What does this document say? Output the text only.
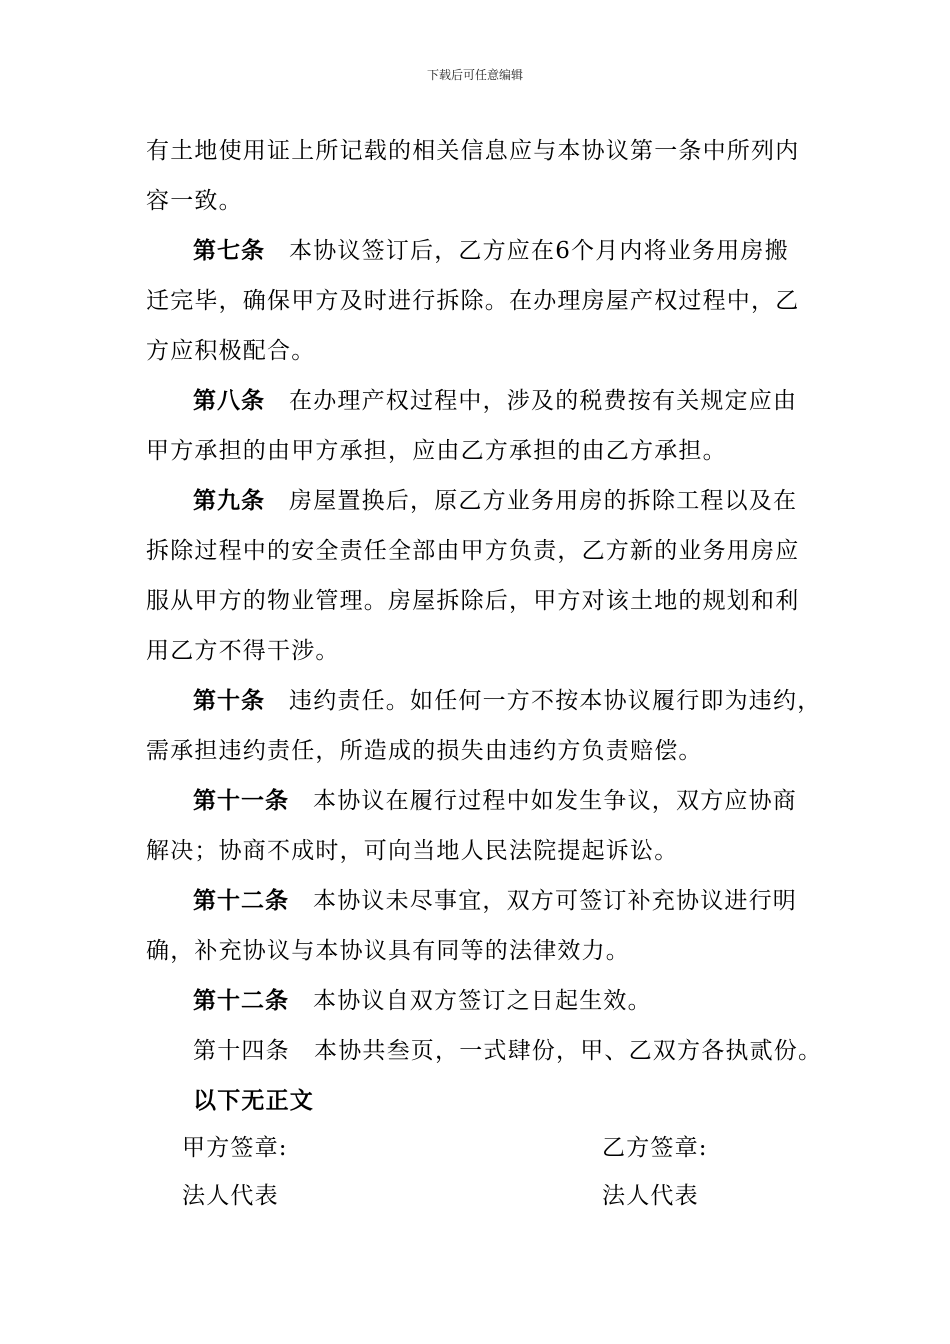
下载后可任意编辑
有土地使用证上所记载的相关信息应与本协议第一条中所列内
容一致。
第七条 本协议签订后，乙方应在6个月内将业务用房搬
迁完毕，确保甲方及时进行拆除。在办理房屋产权过程中，乙
方应积极配合。
第八条 在办理产权过程中，涉及的税费按有关规定应由
甲方承担的由甲方承担，应由乙方承担的由乙方承担。
第九条 房屋置换后，原乙方业务用房的拆除工程以及在
拆除过程中的安全责任全部由甲方负责，乙方新的业务用房应
服从甲方的物业管理。房屋拆除后，甲方对该土地的规划和利
用乙方不得干涉。
第十条 违约责任。如任何一方不按本协议履行即为违约，
需承担违约责任，所造成的损失由违约方负责赔偿。
第十一条 本协议在履行过程中如发生争议，双方应协商
解决；协商不成时，可向当地人民法院提起诉讼。
第十二条 本协议未尽事宜，双方可签订补充协议进行明
确，补充协议与本协议具有同等的法律效力。
第十二条 本协议自双方签订之日起生效。
第十四条　本协共叁页，一式肆份，甲、乙双方各执贰份。
以下无正文
甲方签章:	乙方签章:
法人代表	法人代表
